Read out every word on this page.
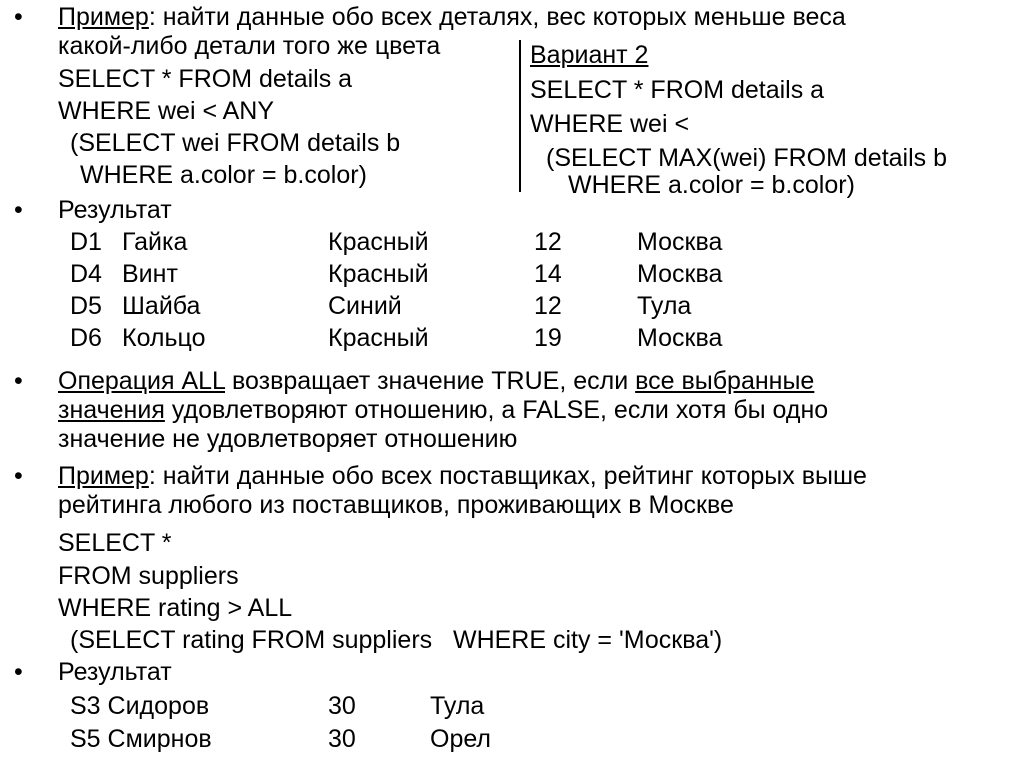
• Пример: найти данные обо всех деталях, вес которых меньше веса
какой-либо детали того же цвета
SELECT * FROM details a
WHERE wei < ANY
(SELECT wei FROM details b
WHERE a.color = b.color)
Вариант 2
SELECT * FROM details a
WHERE wei <
(SELECT MAX(wei) FROM details b
WHERE a.color = b.color)
• Результат
D1 Гайка	Красный	12	Москва
D4 Винт	Красный	14	Москва
D5 Шайба	Синий	12	Тула
D6 Кольцо	Красный	19	Москва
• Операция ALL возвращает значение TRUE, если все выбранные
значения удовлетворяют отношению, а FALSE, если хотя бы одно
значение не удовлетворяет отношению
• Пример: найти данные обо всех поставщиках, рейтинг которых выше
рейтинга любого из поставщиков, проживающих в Москве
SELECT *
FROM suppliers
WHERE rating > ALL
(SELECT rating FROM suppliers   WHERE city = 'Москва')
• Результат
S3 Сидоров	30	Тула
S5 Смирнов	30	Орел
